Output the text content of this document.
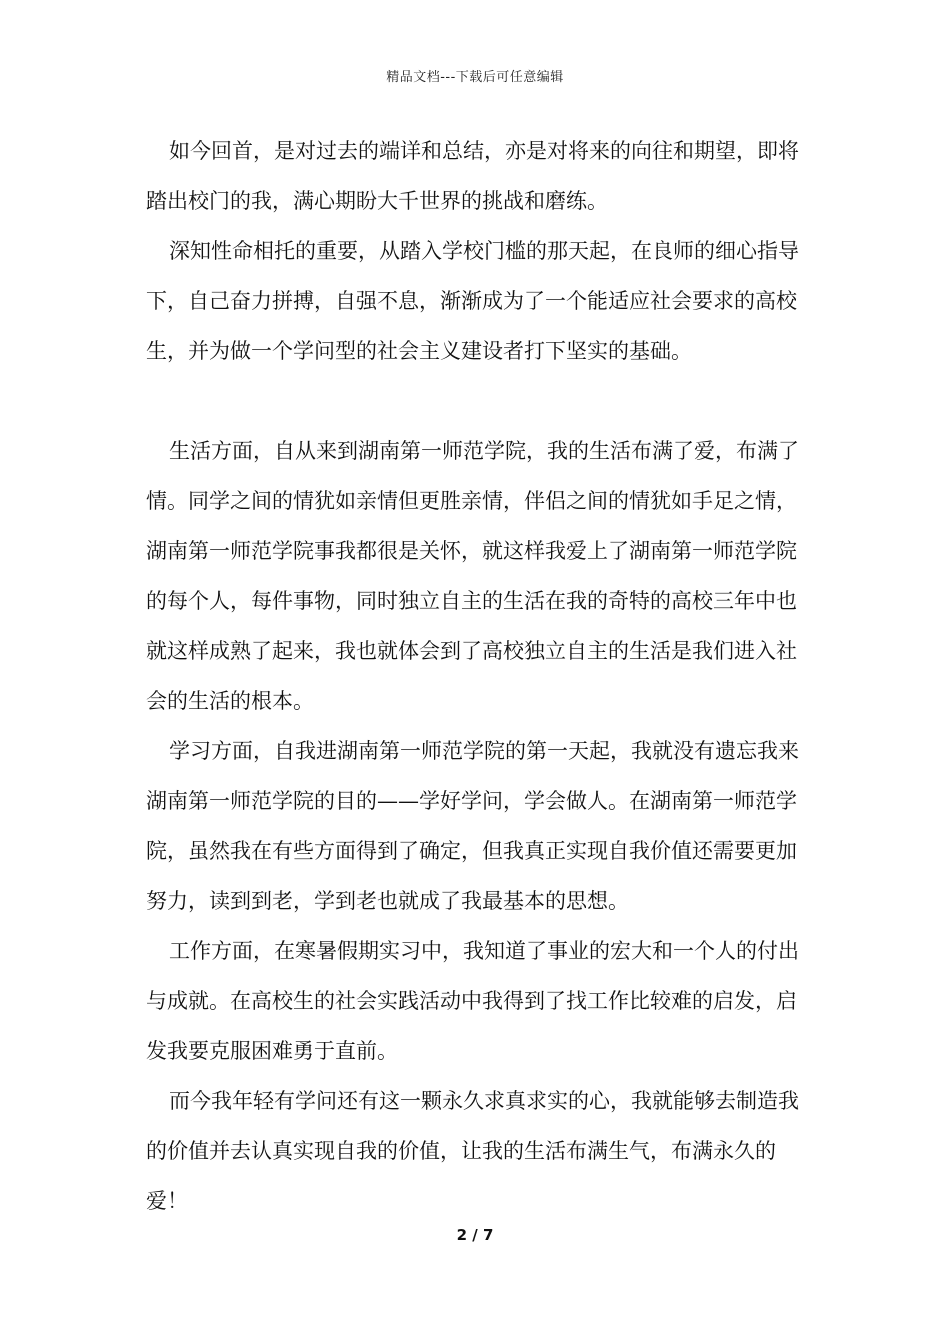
精品文档---下载后可任意编辑

如今回首，是对过去的端详和总结，亦是对将来的向往和期望，即将踏出校门的我，满心期盼大千世界的挑战和磨练。

深知性命相托的重要，从踏入学校门槛的那天起，在良师的细心指导下，自己奋力拼搏，自强不息，渐渐成为了一个能适应社会要求的高校生，并为做一个学问型的社会主义建设者打下坚实的基础。

生活方面，自从来到湖南第一师范学院，我的生活布满了爱，布满了情。同学之间的情犹如亲情但更胜亲情，伴侣之间的情犹如手足之情，湖南第一师范学院事我都很是关怀，就这样我爱上了湖南第一师范学院的每个人，每件事物，同时独立自主的生活在我的奇特的高校三年中也就这样成熟了起来，我也就体会到了高校独立自主的生活是我们进入社会的生活的根本。

学习方面，自我进湖南第一师范学院的第一天起，我就没有遗忘我来湖南第一师范学院的目的——学好学问，学会做人。在湖南第一师范学院，虽然我在有些方面得到了确定，但我真正实现自我价值还需要更加努力，读到到老，学到老也就成了我最基本的思想。

工作方面，在寒暑假期实习中，我知道了事业的宏大和一个人的付出与成就。在高校生的社会实践活动中我得到了找工作比较难的启发，启发我要克服困难勇于直前。

而今我年轻有学问还有这一颗永久求真求实的心，我就能够去制造我的价值并去认真实现自我的价值，让我的生活布满生气，布满永久的爱！

2 / 7
